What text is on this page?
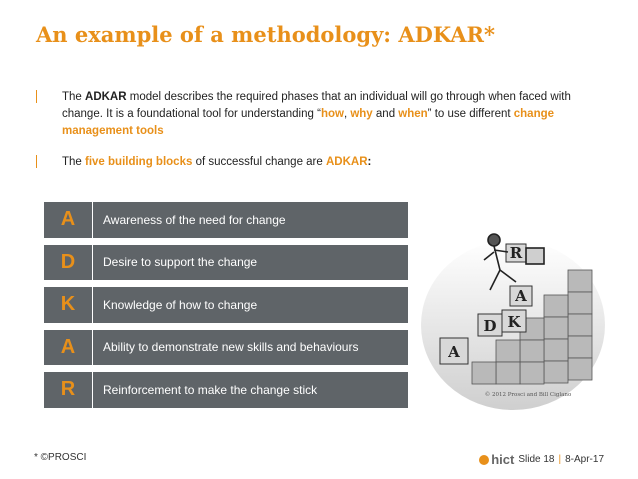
An example of a methodology: ADKAR*
The ADKAR model describes the required phases that an individual will go through when faced with change. It is a foundational tool for understanding “how, why and when” to use different change management tools
The five building blocks of successful change are ADKAR:
A	Awareness of the need for change
D	Desire to support the change
K	Knowledge of how to change
A	Ability to demonstrate new skills and behaviours
R	Reinforcement to make the change stick
A
D K
A
R
© 2012 Prosci and Bill Ciglano
* ©PROSCI	hict Slide 18 | 8-Apr-17
